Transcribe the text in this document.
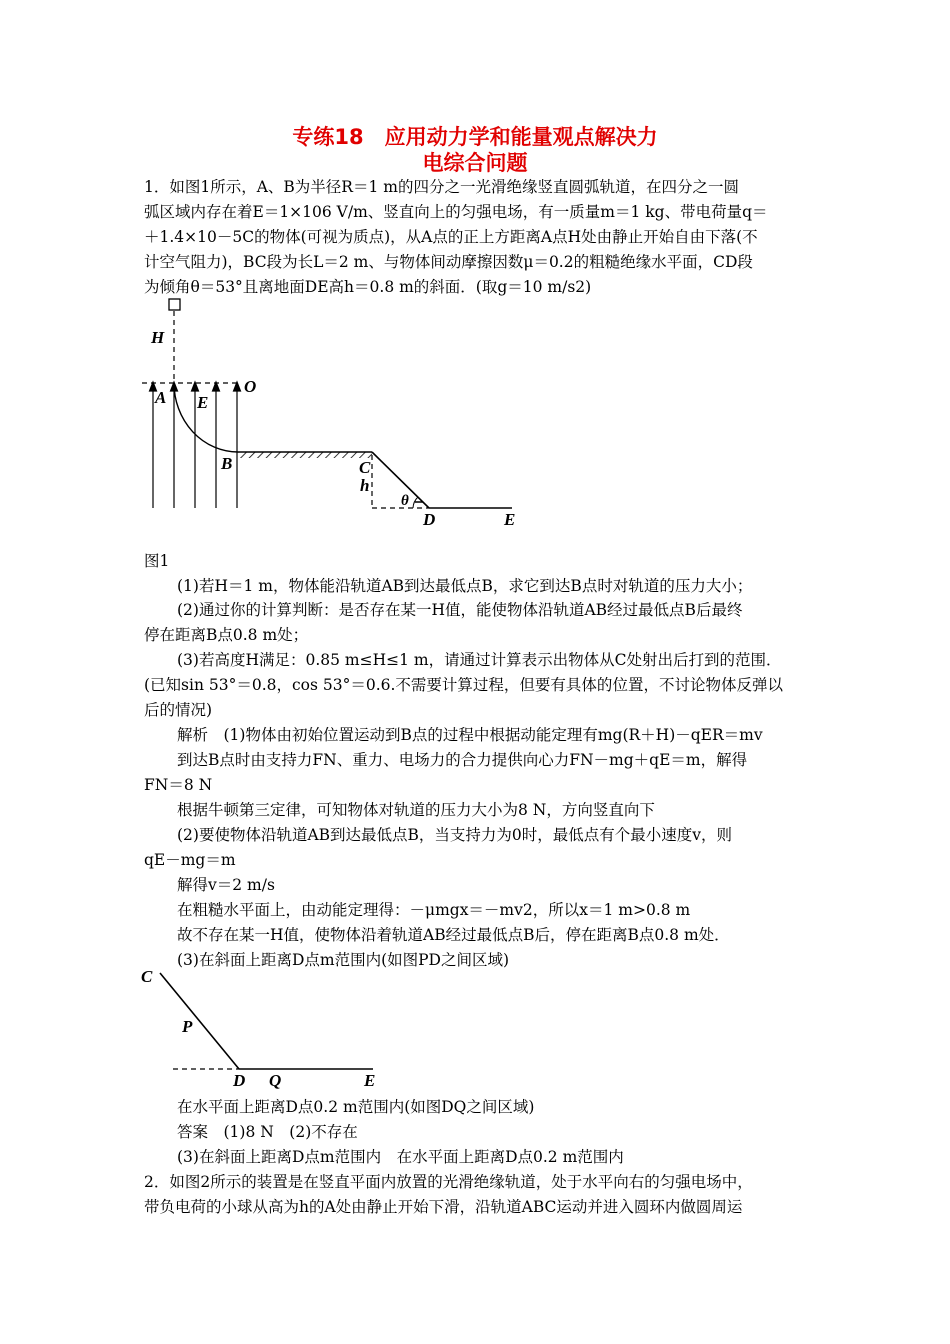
专练18　应用动力学和能量观点解决力
电综合问题
1．如图1所示，A、B为半径R＝1 m的四分之一光滑绝缘竖直圆弧轨道，在四分之一圆
弧区域内存在着E＝1×106 V/m、竖直向上的匀强电场，有一质量m＝1 kg、带电荷量q＝
＋1.4×10－5C的物体(可视为质点)，从A点的正上方距离A点H处由静止开始自由下落(不
计空气阻力)，BC段为长L＝2 m、与物体间动摩擦因数μ＝0.2的粗糙绝缘水平面，CD段
为倾角θ＝53°且离地面DE高h＝0.8 m的斜面．(取g＝10 m/s2)
H
A E
O
B	C
h
θ
D	E
图1
(1)若H＝1 m，物体能沿轨道AB到达最低点B，求它到达B点时对轨道的压力大小；
(2)通过你的计算判断：是否存在某一H值，能使物体沿轨道AB经过最低点B后最终
停在距离B点0.8 m处；
(3)若高度H满足：0.85 m≤H≤1 m，请通过计算表示出物体从C处射出后打到的范围．
(已知sin 53°＝0.8，cos 53°＝0.6.不需要计算过程，但要有具体的位置，不讨论物体反弹以
后的情况)
解析　(1)物体由初始位置运动到B点的过程中根据动能定理有mg(R＋H)－qER＝mv
到达B点时由支持力FN、重力、电场力的合力提供向心力FN－mg＋qE＝m，解得
FN＝8 N
根据牛顿第三定律，可知物体对轨道的压力大小为8 N，方向竖直向下
(2)要使物体沿轨道AB到达最低点B，当支持力为0时，最低点有个最小速度v，则
qE－mg＝m
解得v＝2 m/s
在粗糙水平面上，由动能定理得：－μmgx＝－mv2，所以x＝1 m>0.8 m
故不存在某一H值，使物体沿着轨道AB经过最低点B后，停在距离B点0.8 m处．
(3)在斜面上距离D点m范围内(如图PD之间区域)
C
P
D Q	E
在水平面上距离D点0.2 m范围内(如图DQ之间区域)
答案　(1)8 N　(2)不存在
(3)在斜面上距离D点m范围内　在水平面上距离D点0.2 m范围内
2．如图2所示的装置是在竖直平面内放置的光滑绝缘轨道，处于水平向右的匀强电场中，
带负电荷的小球从高为h的A处由静止开始下滑，沿轨道ABC运动并进入圆环内做圆周运
